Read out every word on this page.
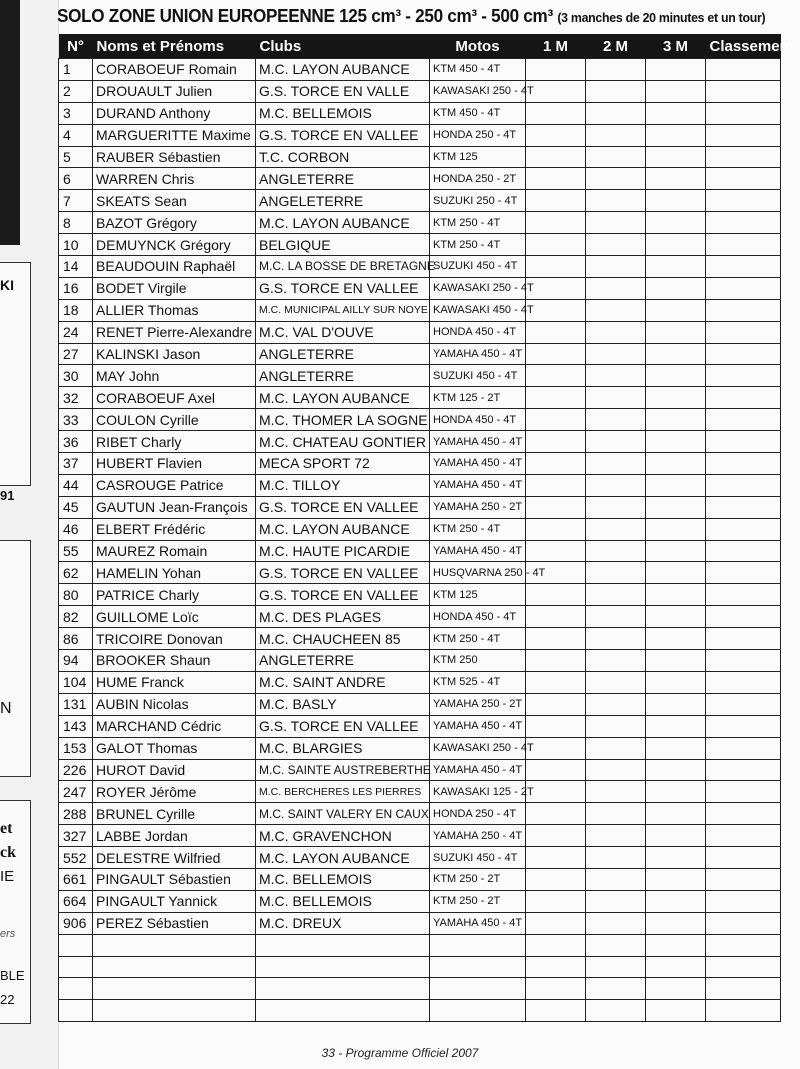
KI
91
N
et
ck
IE
ers
BLE
22
SOLO ZONE UNION EUROPEENNE 125 cm³ - 250 cm³ - 500 cm³ (3 manches de 20 minutes et un tour)
N°	Noms et Prénoms	Clubs	Motos	1 M	2 M	3 M	Classement
1	CORABOEUF Romain	M.C. LAYON AUBANCE	KTM 450 - 4T				
2	DROUAULT Julien	G.S. TORCE EN VALLE	KAWASAKI 250 - 4T				
3	DURAND Anthony	M.C. BELLEMOIS	KTM 450 - 4T				
4	MARGUERITTE Maxime	G.S. TORCE EN VALLEE	HONDA 250 - 4T				
5	RAUBER Sébastien	T.C. CORBON	KTM 125				
6	WARREN Chris	ANGLETERRE	HONDA 250 - 2T				
7	SKEATS Sean	ANGELETERRE	SUZUKI 250 - 4T				
8	BAZOT Grégory	M.C. LAYON AUBANCE	KTM 250 - 4T				
10	DEMUYNCK Grégory	BELGIQUE	KTM 250 - 4T				
14	BEAUDOUIN Raphaël	M.C. LA BOSSE DE BRETAGNE	SUZUKI 450 - 4T				
16	BODET Virgile	G.S. TORCE EN VALLEE	KAWASAKI 250 - 4T				
18	ALLIER Thomas	M.C. MUNICIPAL AILLY SUR NOYE	KAWASAKI 450 - 4T				
24	RENET Pierre-Alexandre	M.C. VAL D'OUVE	HONDA 450 - 4T				
27	KALINSKI Jason	ANGLETERRE	YAMAHA 450 - 4T				
30	MAY John	ANGLETERRE	SUZUKI 450 - 4T				
32	CORABOEUF Axel	M.C. LAYON AUBANCE	KTM 125 - 2T				
33	COULON Cyrille	M.C. THOMER LA SOGNE	HONDA 450 - 4T				
36	RIBET Charly	M.C. CHATEAU GONTIER	YAMAHA 450 - 4T				
37	HUBERT Flavien	MECA SPORT 72	YAMAHA 450 - 4T				
44	CASROUGE Patrice	M.C. TILLOY	YAMAHA 450 - 4T				
45	GAUTUN Jean-François	G.S. TORCE EN VALLEE	YAMAHA 250 - 2T				
46	ELBERT Frédéric	M.C. LAYON AUBANCE	KTM 250 - 4T				
55	MAUREZ Romain	M.C. HAUTE PICARDIE	YAMAHA 450 - 4T				
62	HAMELIN Yohan	G.S. TORCE EN VALLEE	HUSQVARNA 250 - 4T				
80	PATRICE Charly	G.S. TORCE EN VALLEE	KTM 125				
82	GUILLOME Loïc	M.C. DES PLAGES	HONDA 450 - 4T				
86	TRICOIRE Donovan	M.C. CHAUCHEEN 85	KTM 250 - 4T				
94	BROOKER Shaun	ANGLETERRE	KTM 250				
104	HUME Franck	M.C. SAINT ANDRE	KTM 525 - 4T				
131	AUBIN Nicolas	M.C. BASLY	YAMAHA 250 - 2T				
143	MARCHAND Cédric	G.S. TORCE EN VALLEE	YAMAHA 450 - 4T				
153	GALOT Thomas	M.C. BLARGIES	KAWASAKI 250 - 4T				
226	HUROT David	M.C. SAINTE AUSTREBERTHE	YAMAHA 450 - 4T				
247	ROYER Jérôme	M.C. BERCHERES LES PIERRES	KAWASAKI 125 - 2T				
288	BRUNEL Cyrille	M.C. SAINT VALERY EN CAUX	HONDA 250 - 4T				
327	LABBE Jordan	M.C. GRAVENCHON	YAMAHA 250 - 4T				
552	DELESTRE Wilfried	M.C. LAYON AUBANCE	SUZUKI 450 - 4T				
661	PINGAULT Sébastien	M.C. BELLEMOIS	KTM 250 - 2T				
664	PINGAULT Yannick	M.C. BELLEMOIS	KTM 250 - 2T				
906	PEREZ Sébastien	M.C. DREUX	YAMAHA 450 - 4T				

33 - Programme Officiel 2007
